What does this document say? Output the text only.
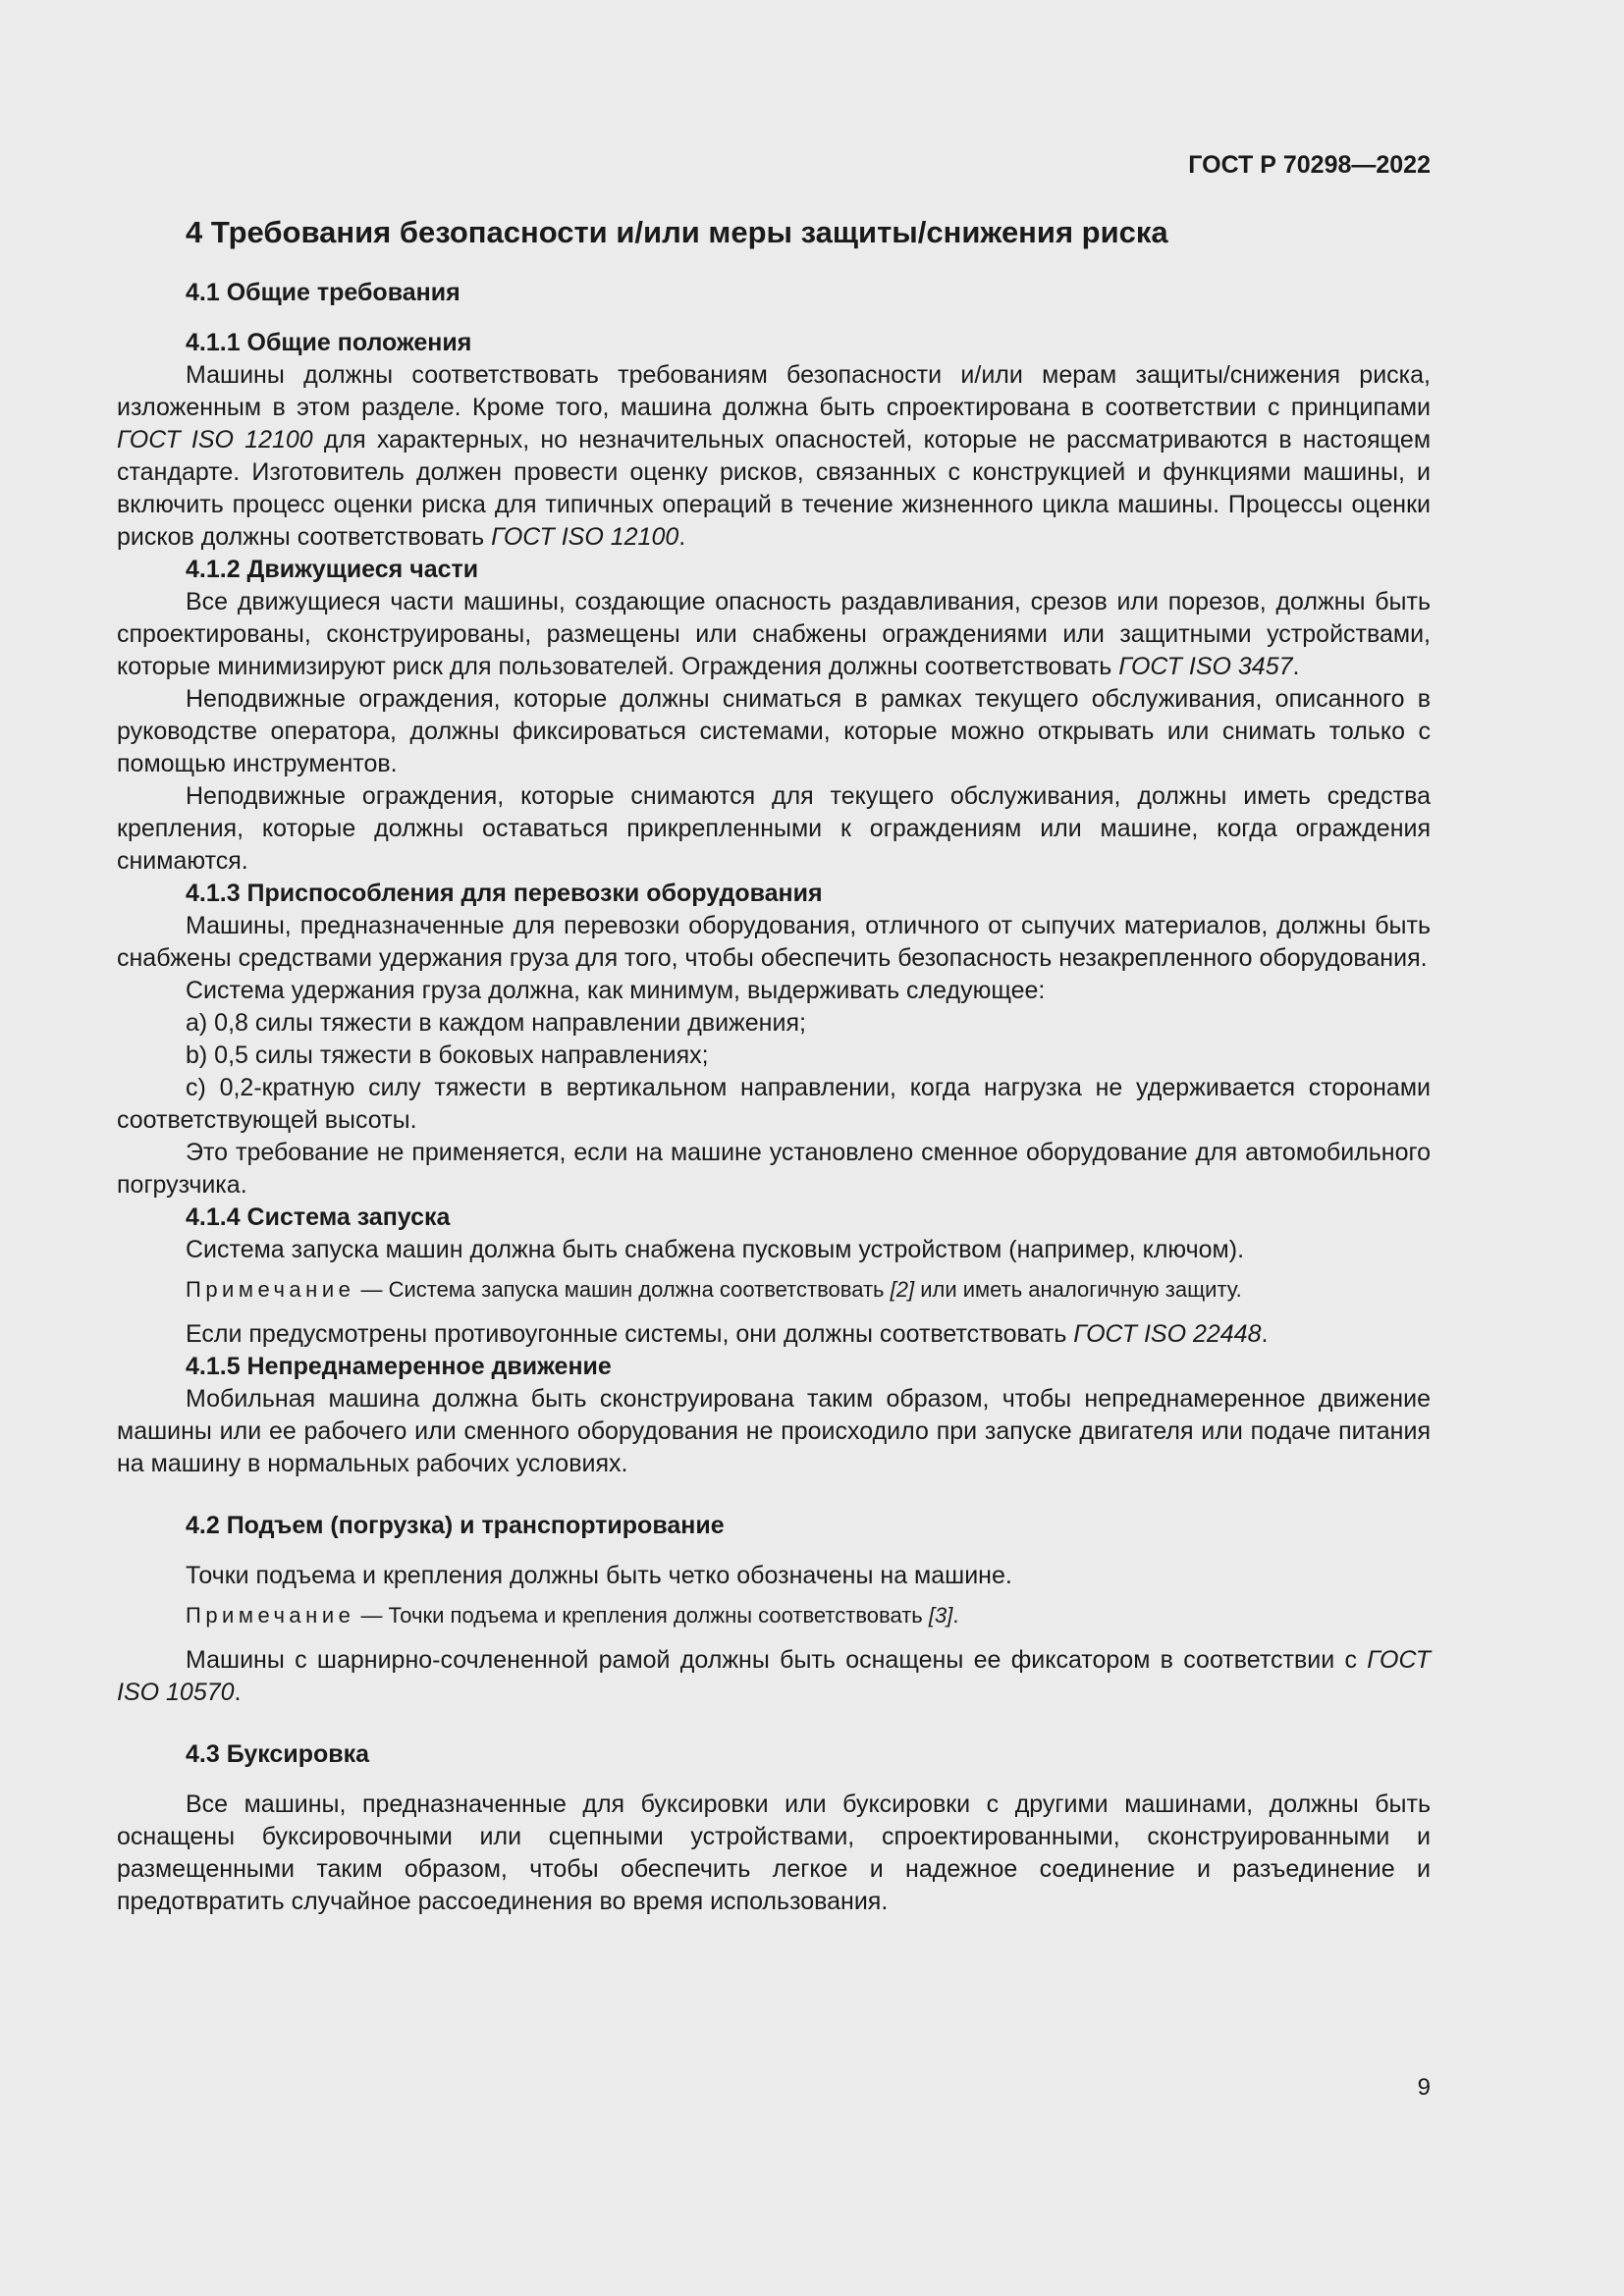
ГОСТ Р 70298—2022
4 Требования безопасности и/или меры защиты/снижения риска
4.1 Общие требования
4.1.1 Общие положения
Машины должны соответствовать требованиям безопасности и/или мерам защиты/снижения риска, изложенным в этом разделе. Кроме того, машина должна быть спроектирована в соответствии с принципами ГОСТ ISO 12100 для характерных, но незначительных опасностей, которые не рассматриваются в настоящем стандарте. Изготовитель должен провести оценку рисков, связанных с конструкцией и функциями машины, и включить процесс оценки риска для типичных операций в течение жизненного цикла машины. Процессы оценки рисков должны соответствовать ГОСТ ISO 12100.
4.1.2 Движущиеся части
Все движущиеся части машины, создающие опасность раздавливания, срезов или порезов, должны быть спроектированы, сконструированы, размещены или снабжены ограждениями или защитными устройствами, которые минимизируют риск для пользователей. Ограждения должны соответствовать ГОСТ ISO 3457.
Неподвижные ограждения, которые должны сниматься в рамках текущего обслуживания, описанного в руководстве оператора, должны фиксироваться системами, которые можно открывать или снимать только с помощью инструментов.
Неподвижные ограждения, которые снимаются для текущего обслуживания, должны иметь средства крепления, которые должны оставаться прикрепленными к ограждениям или машине, когда ограждения снимаются.
4.1.3 Приспособления для перевозки оборудования
Машины, предназначенные для перевозки оборудования, отличного от сыпучих материалов, должны быть снабжены средствами удержания груза для того, чтобы обеспечить безопасность незакрепленного оборудования.
Система удержания груза должна, как минимум, выдерживать следующее:
a) 0,8 силы тяжести в каждом направлении движения;
b) 0,5 силы тяжести в боковых направлениях;
c) 0,2-кратную силу тяжести в вертикальном направлении, когда нагрузка не удерживается сторонами соответствующей высоты.
Это требование не применяется, если на машине установлено сменное оборудование для автомобильного погрузчика.
4.1.4 Система запуска
Система запуска машин должна быть снабжена пусковым устройством (например, ключом).
Примечание — Система запуска машин должна соответствовать [2] или иметь аналогичную защиту.
Если предусмотрены противоугонные системы, они должны соответствовать ГОСТ ISO 22448.
4.1.5 Непреднамеренное движение
Мобильная машина должна быть сконструирована таким образом, чтобы непреднамеренное движение машины или ее рабочего или сменного оборудования не происходило при запуске двигателя или подаче питания на машину в нормальных рабочих условиях.
4.2 Подъем (погрузка) и транспортирование
Точки подъема и крепления должны быть четко обозначены на машине.
Примечание — Точки подъема и крепления должны соответствовать [3].
Машины с шарнирно-сочлененной рамой должны быть оснащены ее фиксатором в соответствии с ГОСТ ISO 10570.
4.3 Буксировка
Все машины, предназначенные для буксировки или буксировки с другими машинами, должны быть оснащены буксировочными или сцепными устройствами, спроектированными, сконструированными и размещенными таким образом, чтобы обеспечить легкое и надежное соединение и разъединение и предотвратить случайное рассоединения во время использования.
9
